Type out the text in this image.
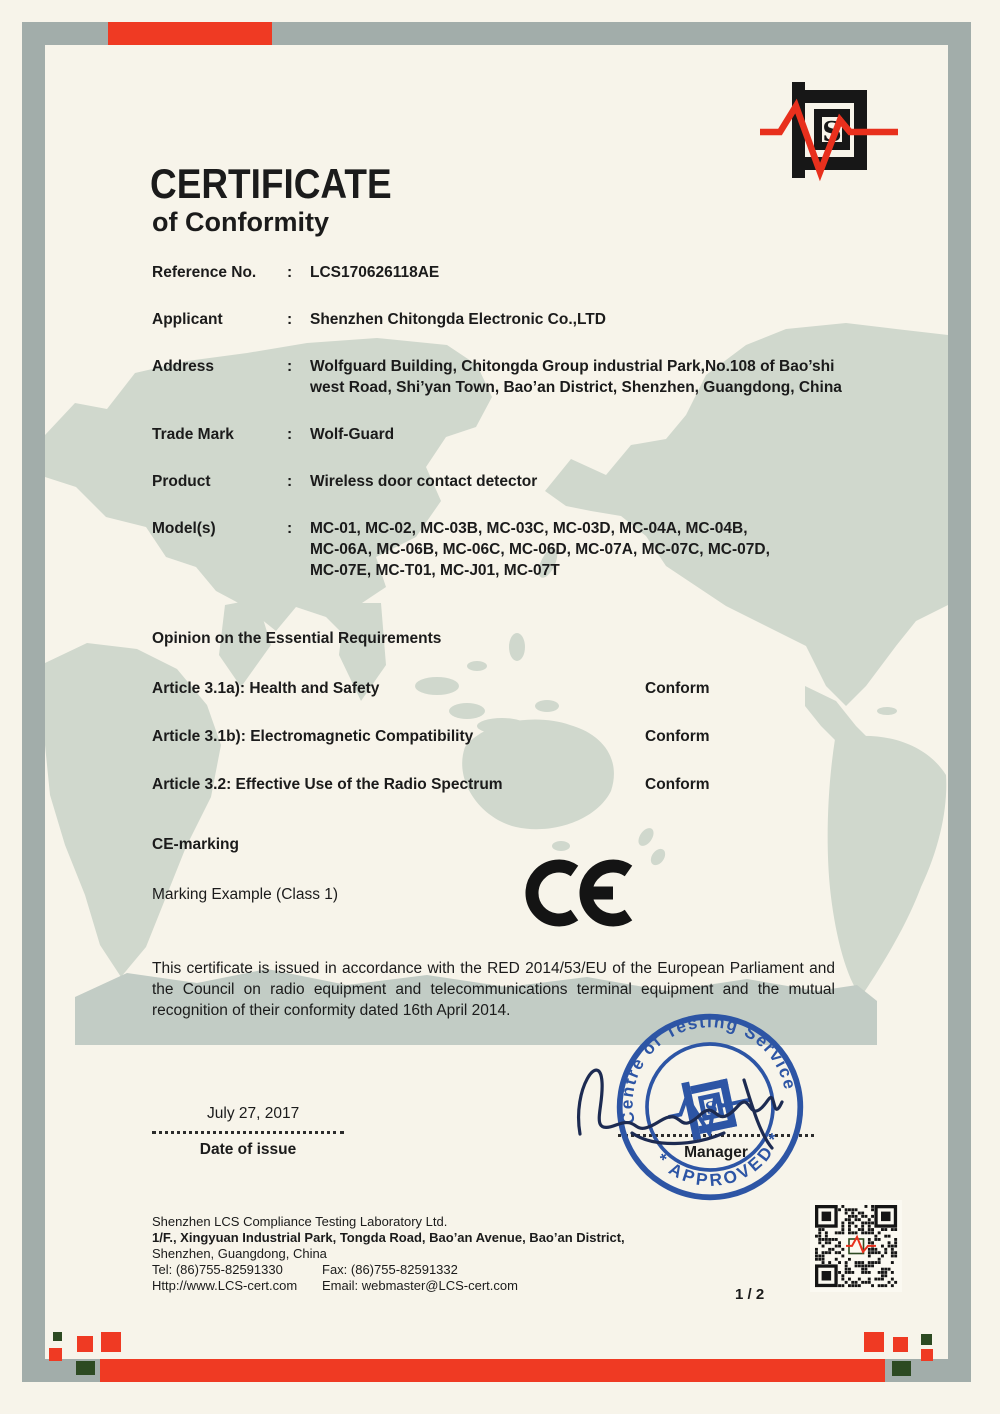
CERTIFICATE
of Conformity
Reference No.	:	LCS170626118AE
Applicant	:	Shenzhen Chitongda Electronic Co.,LTD
Address	:	Wolfguard Building, Chitongda Group industrial Park,No.108 of Bao’shi west Road, Shi’yan Town, Bao’an District, Shenzhen, Guangdong, China
Trade Mark	:	Wolf-Guard
Product	:	Wireless door contact detector
Model(s)	:	MC-01, MC-02, MC-03B, MC-03C, MC-03D, MC-04A, MC-04B, MC-06A, MC-06B, MC-06C, MC-06D, MC-07A, MC-07C, MC-07D, MC-07E, MC-T01, MC-J01, MC-07T
Opinion on the Essential Requirements
Article 3.1a): Health and Safety	Conform
Article 3.1b): Electromagnetic Compatibility	Conform
Article 3.2: Effective Use of the Radio Spectrum	Conform
CE-marking
Marking Example (Class 1)
This certificate is issued in accordance with the RED 2014/53/EU of the European Parliament and the Council on radio equipment and telecommunications terminal equipment and the mutual recognition of their conformity dated 16th April 2014.
July 27, 2017
Date of issue	Manager
Centre of Testing Service
* APPROVED *
Shenzhen LCS Compliance Testing Laboratory Ltd.
1/F., Xingyuan Industrial Park, Tongda Road, Bao’an Avenue, Bao’an District,
Shenzhen, Guangdong, China
Tel: (86)755-82591330	Fax: (86)755-82591332
Http://www.LCS-cert.com	Email: webmaster@LCS-cert.com
1 / 2
